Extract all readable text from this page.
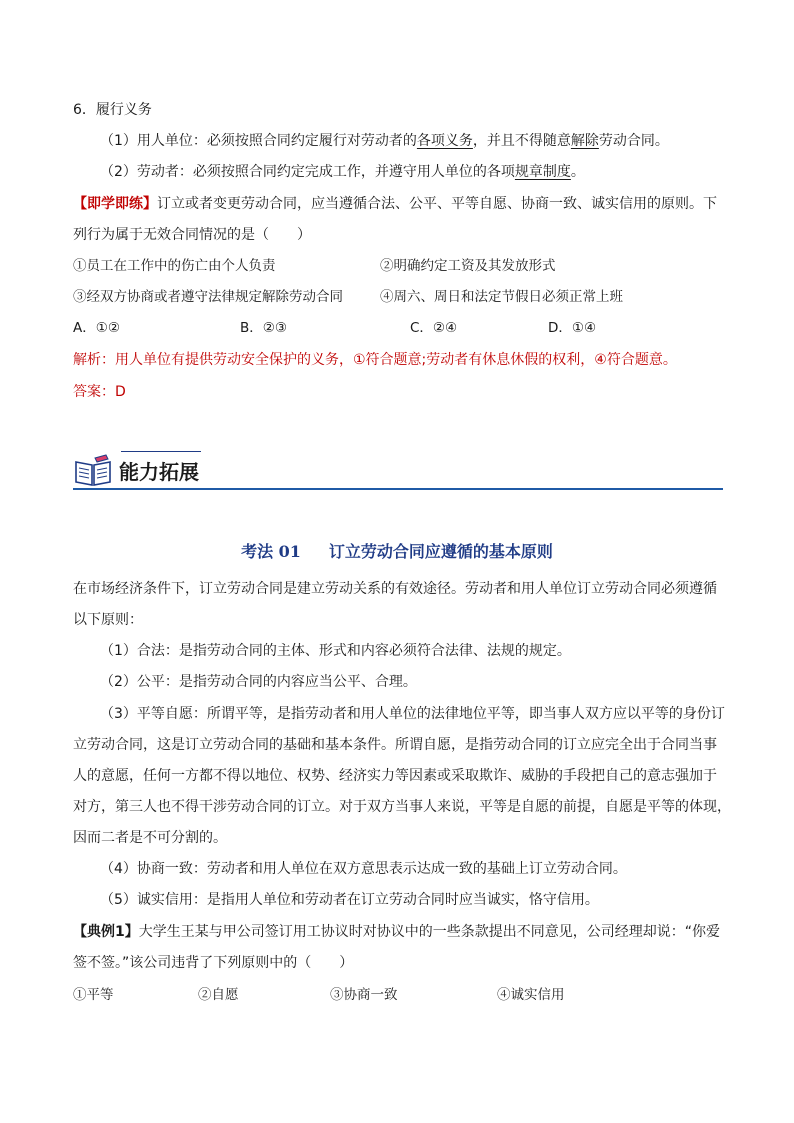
6．履行义务
（1）用人单位：必须按照合同约定履行对劳动者的各项义务，并且不得随意解除劳动合同。
（2）劳动者：必须按照合同约定完成工作，并遵守用人单位的各项规章制度。
【即学即练】订立或者变更劳动合同，应当遵循合法、公平、平等自愿、协商一致、诚实信用的原则。下
列行为属于无效合同情况的是（　　）
①员工在工作中的伤亡由个人负责	②明确约定工资及其发放形式
③经双方协商或者遵守法律规定解除劳动合同	④周六、周日和法定节假日必须正常上班
A．①②	B．②③	C．②④	D．①④
解析：用人单位有提供劳动安全保护的义务，①符合题意;劳动者有休息休假的权利，④符合题意。
答案：D
能力拓展
考法 01 订立劳动合同应遵循的基本原则
在市场经济条件下，订立劳动合同是建立劳动关系的有效途径。劳动者和用人单位订立劳动合同必须遵循
以下原则：
（1）合法：是指劳动合同的主体、形式和内容必须符合法律、法规的规定。
（2）公平：是指劳动合同的内容应当公平、合理。
（3）平等自愿：所谓平等，是指劳动者和用人单位的法律地位平等，即当事人双方应以平等的身份订
立劳动合同，这是订立劳动合同的基础和基本条件。所谓自愿，是指劳动合同的订立应完全出于合同当事
人的意愿，任何一方都不得以地位、权势、经济实力等因素或采取欺诈、威胁的手段把自己的意志强加于
对方，第三人也不得干涉劳动合同的订立。对于双方当事人来说，平等是自愿的前提，自愿是平等的体现，
因而二者是不可分割的。
（4）协商一致：劳动者和用人单位在双方意思表示达成一致的基础上订立劳动合同。
（5）诚实信用：是指用人单位和劳动者在订立劳动合同时应当诚实，恪守信用。
【典例1】大学生王某与甲公司签订用工协议时对协议中的一些条款提出不同意见，公司经理却说：“你爱
签不签。”该公司违背了下列原则中的（　　）
①平等	②自愿	③协商一致	④诚实信用
